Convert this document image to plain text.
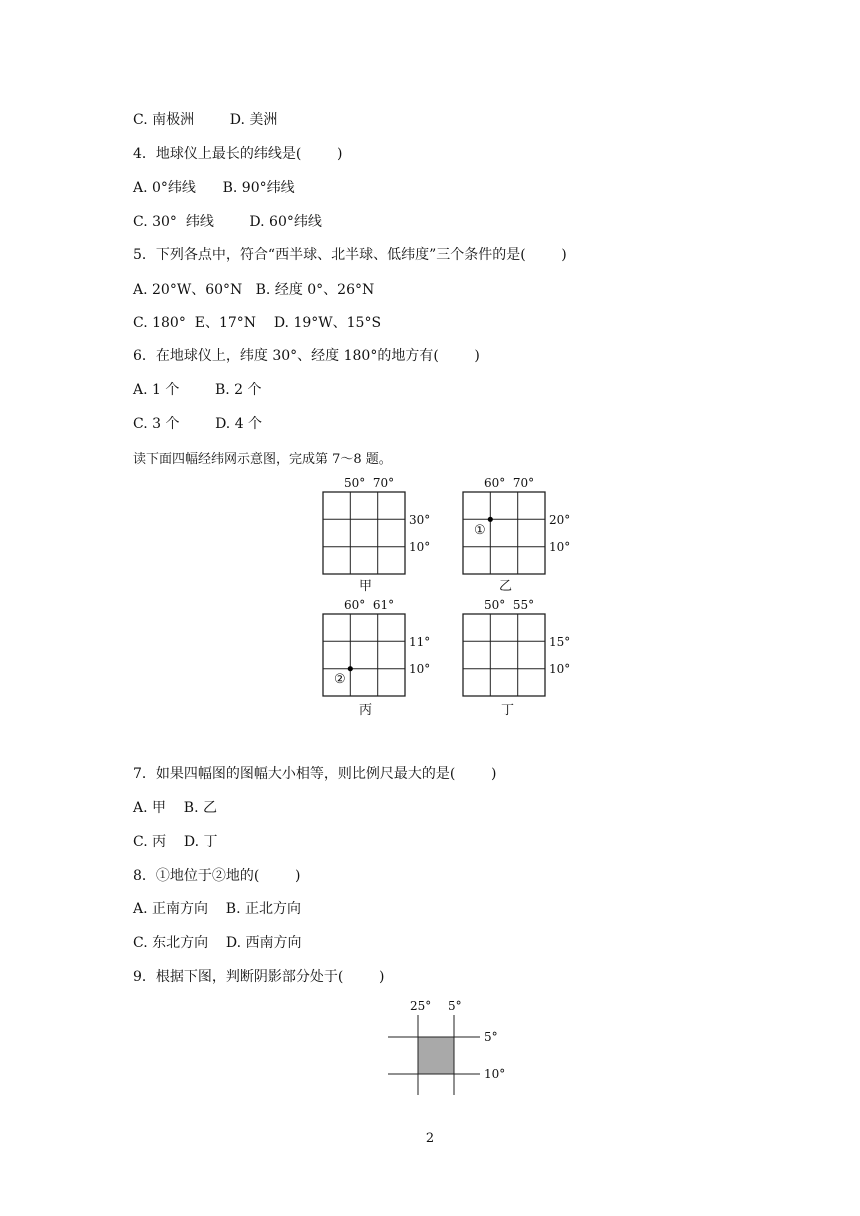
C. 南极洲        D. 美洲
4．地球仪上最长的纬线是(        )
A. 0°纬线      B. 90°纬线
C. 30°  纬线        D. 60°纬线
5．下列各点中，符合“西半球、北半球、低纬度”三个条件的是(        )
A. 20°W、60°N   B. 经度 0°、26°N
C. 180°  E、17°N    D. 19°W、15°S
6．在地球仪上，纬度 30°、经度 180°的地方有(        )
A. 1 个        B. 2 个
C. 3 个        D. 4 个
读下面四幅经纬网示意图，完成第 7～8 题。
50°  70°
30°
10°
甲
60°  70°
①
20°
10°
乙
60°  61°
②
11°
10°
丙
50°  55°
15°
10°
丁
7．如果四幅图的图幅大小相等，则比例尺最大的是(        )
A. 甲    B. 乙
C. 丙    D. 丁
8．①地位于②地的(        )
A. 正南方向    B. 正北方向
C. 东北方向    D. 西南方向
9．根据下图，判断阴影部分处于(        )
25° 5°
5°
10°
2
